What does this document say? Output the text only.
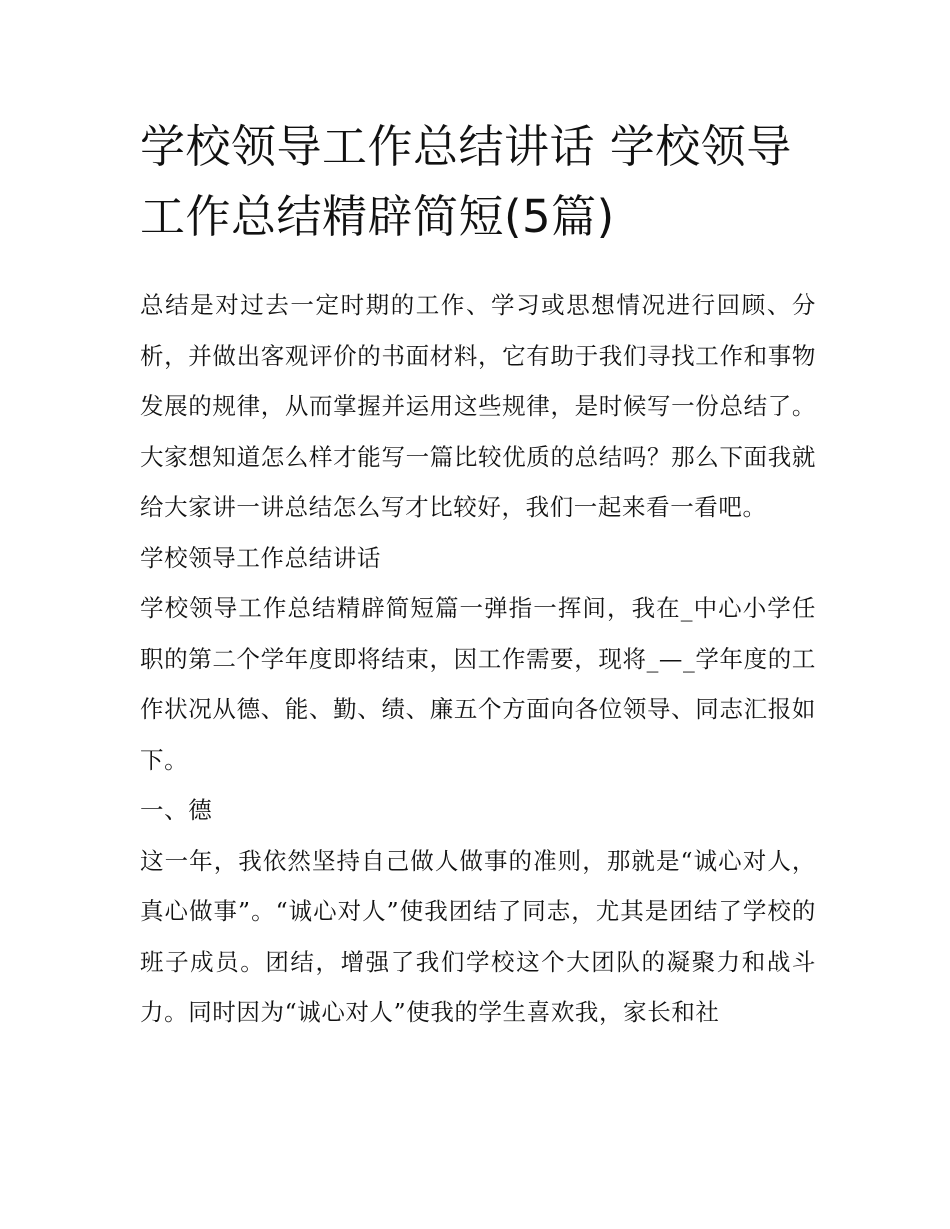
学校领导工作总结讲话 学校领导工作总结精辟简短(5篇)

总结是对过去一定时期的工作、学习或思想情况进行回顾、分析，并做出客观评价的书面材料，它有助于我们寻找工作和事物发展的规律，从而掌握并运用这些规律，是时候写一份总结了。大家想知道怎么样才能写一篇比较优质的总结吗？那么下面我就给大家讲一讲总结怎么写才比较好，我们一起来看一看吧。

学校领导工作总结讲话

学校领导工作总结精辟简短篇一弹指一挥间，我在_中心小学任职的第二个学年度即将结束，因工作需要，现将_—_学年度的工作状况从德、能、勤、绩、廉五个方面向各位领导、同志汇报如下。

一、德

这一年，我依然坚持自己做人做事的准则，那就是“诚心对人，真心做事”。“诚心对人”使我团结了同志，尤其是团结了学校的班子成员。团结，增强了我们学校这个大团队的凝聚力和战斗力。同时因为“诚心对人”使我的学生喜欢我，家长和社
